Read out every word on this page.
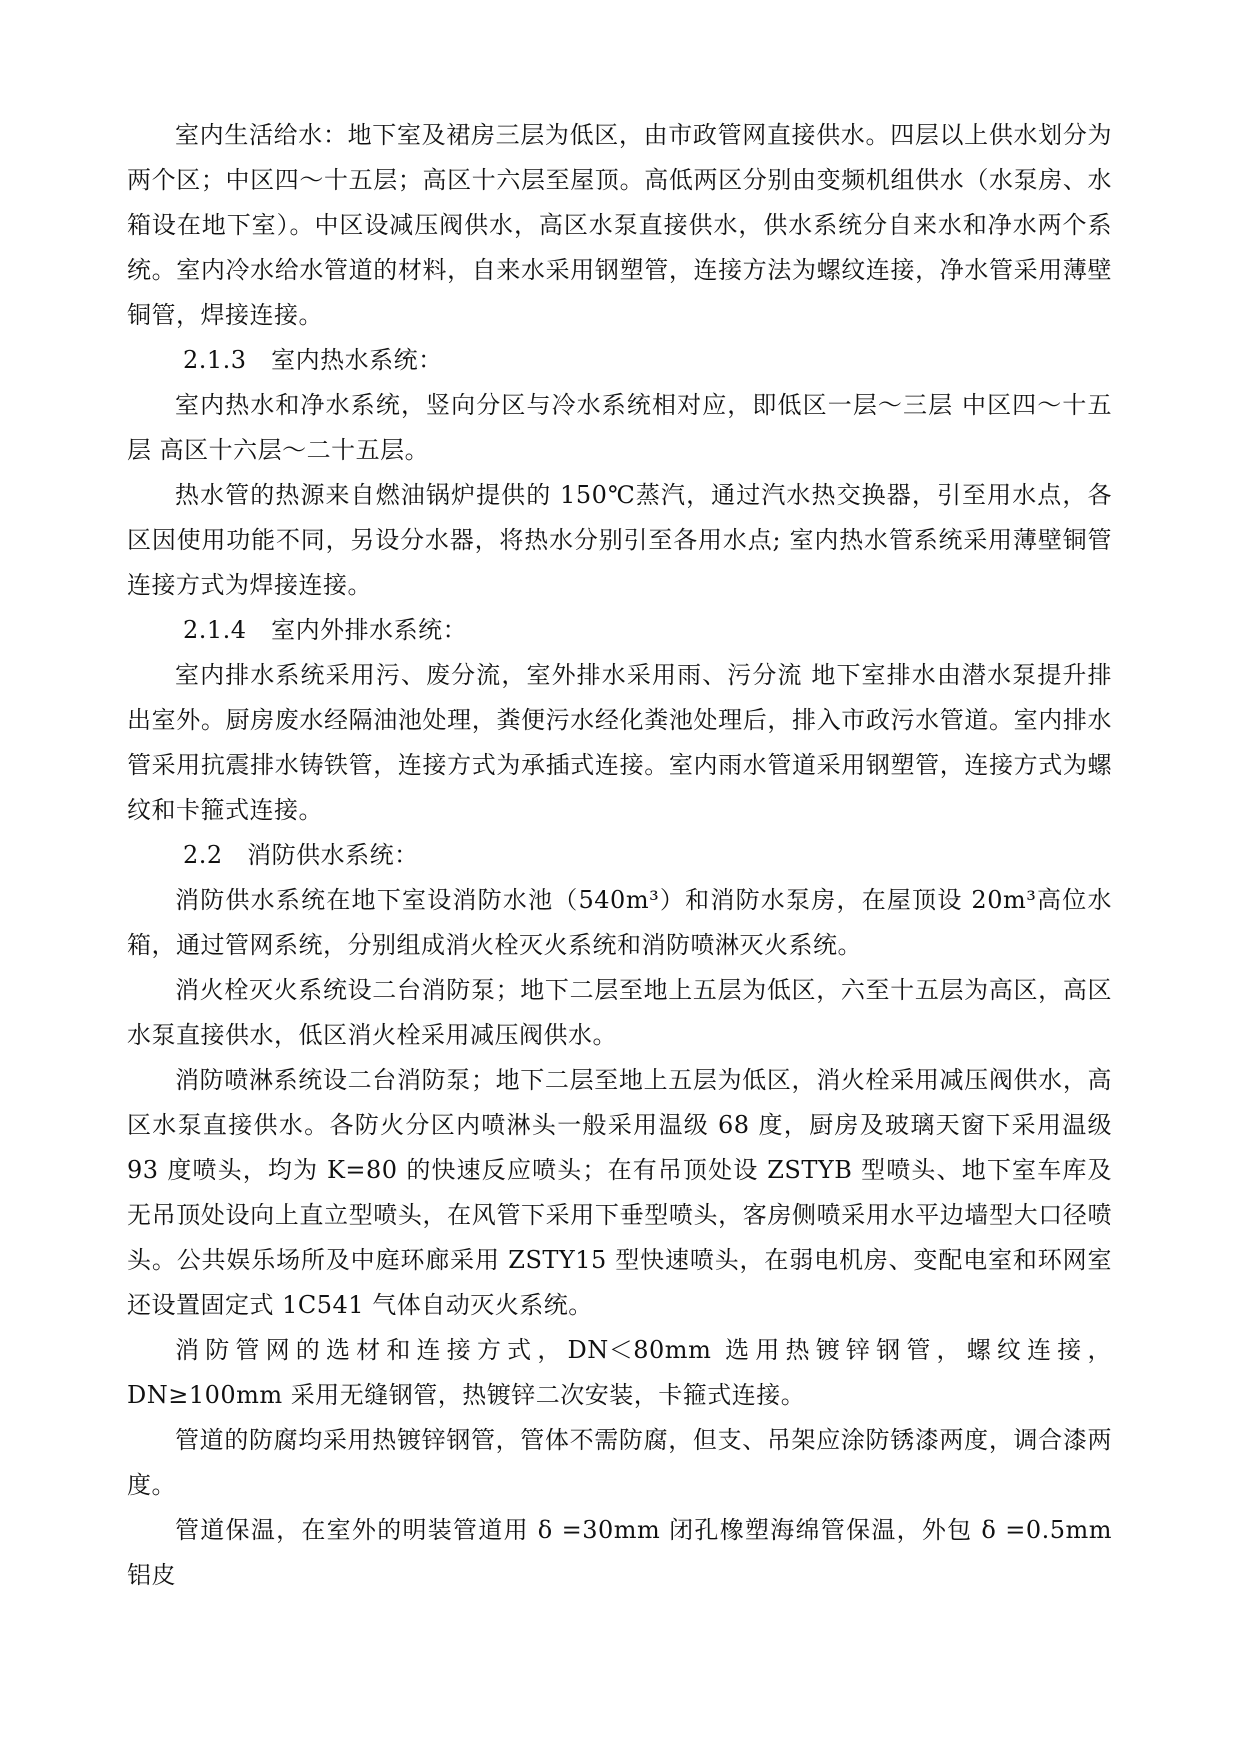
室内生活给水：地下室及裙房三层为低区，由市政管网直接供水。四层以上供水划分为两个区；中区四～十五层；高区十六层至屋顶。高低两区分别由变频机组供水（水泵房、水箱设在地下室）。中区设减压阀供水，高区水泵直接供水，供水系统分自来水和净水两个系统。室内冷水给水管道的材料，自来水采用钢塑管，连接方法为螺纹连接，净水管采用薄壁铜管，焊接连接。

2.1.3　室内热水系统：

室内热水和净水系统，竖向分区与冷水系统相对应，即低区一层～三层 中区四～十五层 高区十六层～二十五层。

热水管的热源来自燃油锅炉提供的 150℃蒸汽，通过汽水热交换器，引至用水点，各区因使用功能不同，另设分水器，将热水分别引至各用水点; 室内热水管系统采用薄壁铜管连接方式为焊接连接。

2.1.4　室内外排水系统：

室内排水系统采用污、废分流，室外排水采用雨、污分流 地下室排水由潜水泵提升排出室外。厨房废水经隔油池处理，粪便污水经化粪池处理后，排入市政污水管道。室内排水管采用抗震排水铸铁管，连接方式为承插式连接。室内雨水管道采用钢塑管，连接方式为螺纹和卡箍式连接。

2.2　消防供水系统：

消防供水系统在地下室设消防水池（540m³）和消防水泵房，在屋顶设 20m³高位水箱，通过管网系统，分别组成消火栓灭火系统和消防喷淋灭火系统。

消火栓灭火系统设二台消防泵；地下二层至地上五层为低区，六至十五层为高区，高区水泵直接供水，低区消火栓采用减压阀供水。

消防喷淋系统设二台消防泵；地下二层至地上五层为低区，消火栓采用减压阀供水，高区水泵直接供水。各防火分区内喷淋头一般采用温级 68 度，厨房及玻璃天窗下采用温级 93 度喷头，均为 K=80 的快速反应喷头；在有吊顶处设 ZSTYB 型喷头、地下室车库及无吊顶处设向上直立型喷头，在风管下采用下垂型喷头，客房侧喷采用水平边墙型大口径喷头。公共娱乐场所及中庭环廊采用 ZSTY15 型快速喷头，在弱电机房、变配电室和环网室还设置固定式 1C541 气体自动灭火系统。

消防管网的选材和连接方式，DN＜80mm 选用热镀锌钢管，螺纹连接，DN≥100mm 采用无缝钢管，热镀锌二次安装，卡箍式连接。

管道的防腐均采用热镀锌钢管，管体不需防腐，但支、吊架应涂防锈漆两度，调合漆两度。

管道保温，在室外的明装管道用 δ =30mm 闭孔橡塑海绵管保温，外包 δ =0.5mm 铝皮
